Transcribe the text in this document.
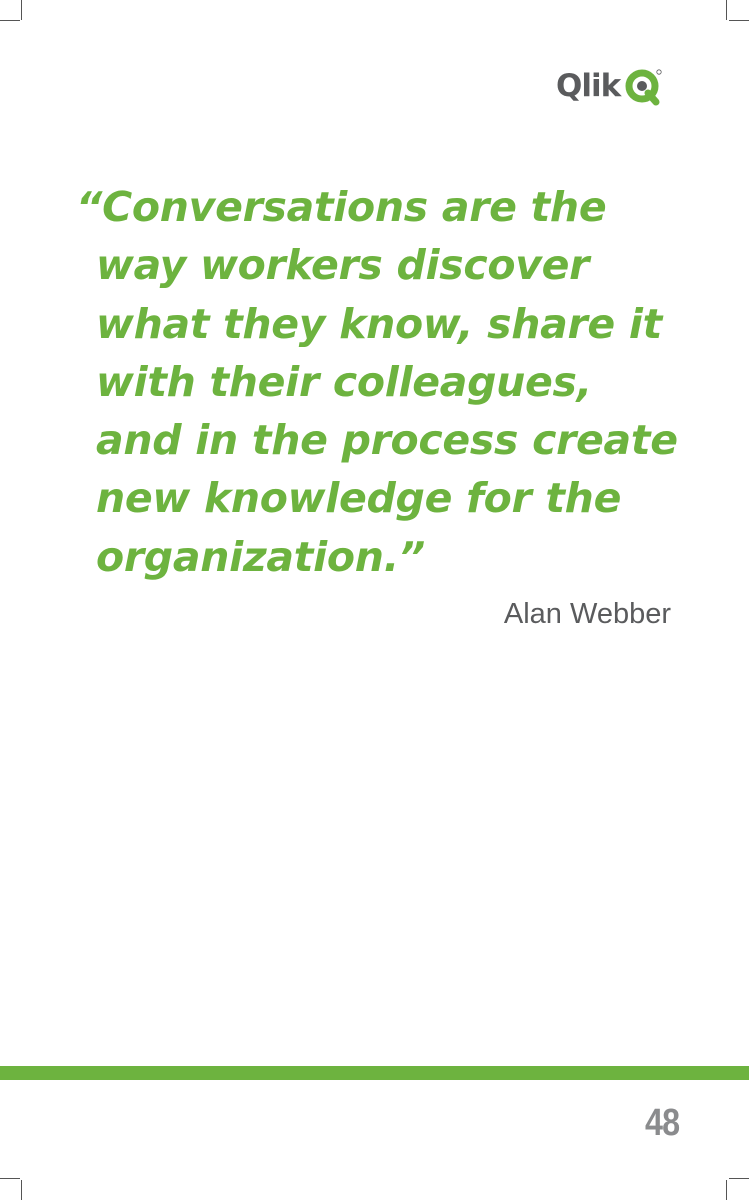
Qlik
“Conversations are the
way workers discover
what they know, share it
with their colleagues,
and in the process create
new knowledge for the
organization.”
Alan Webber
48
